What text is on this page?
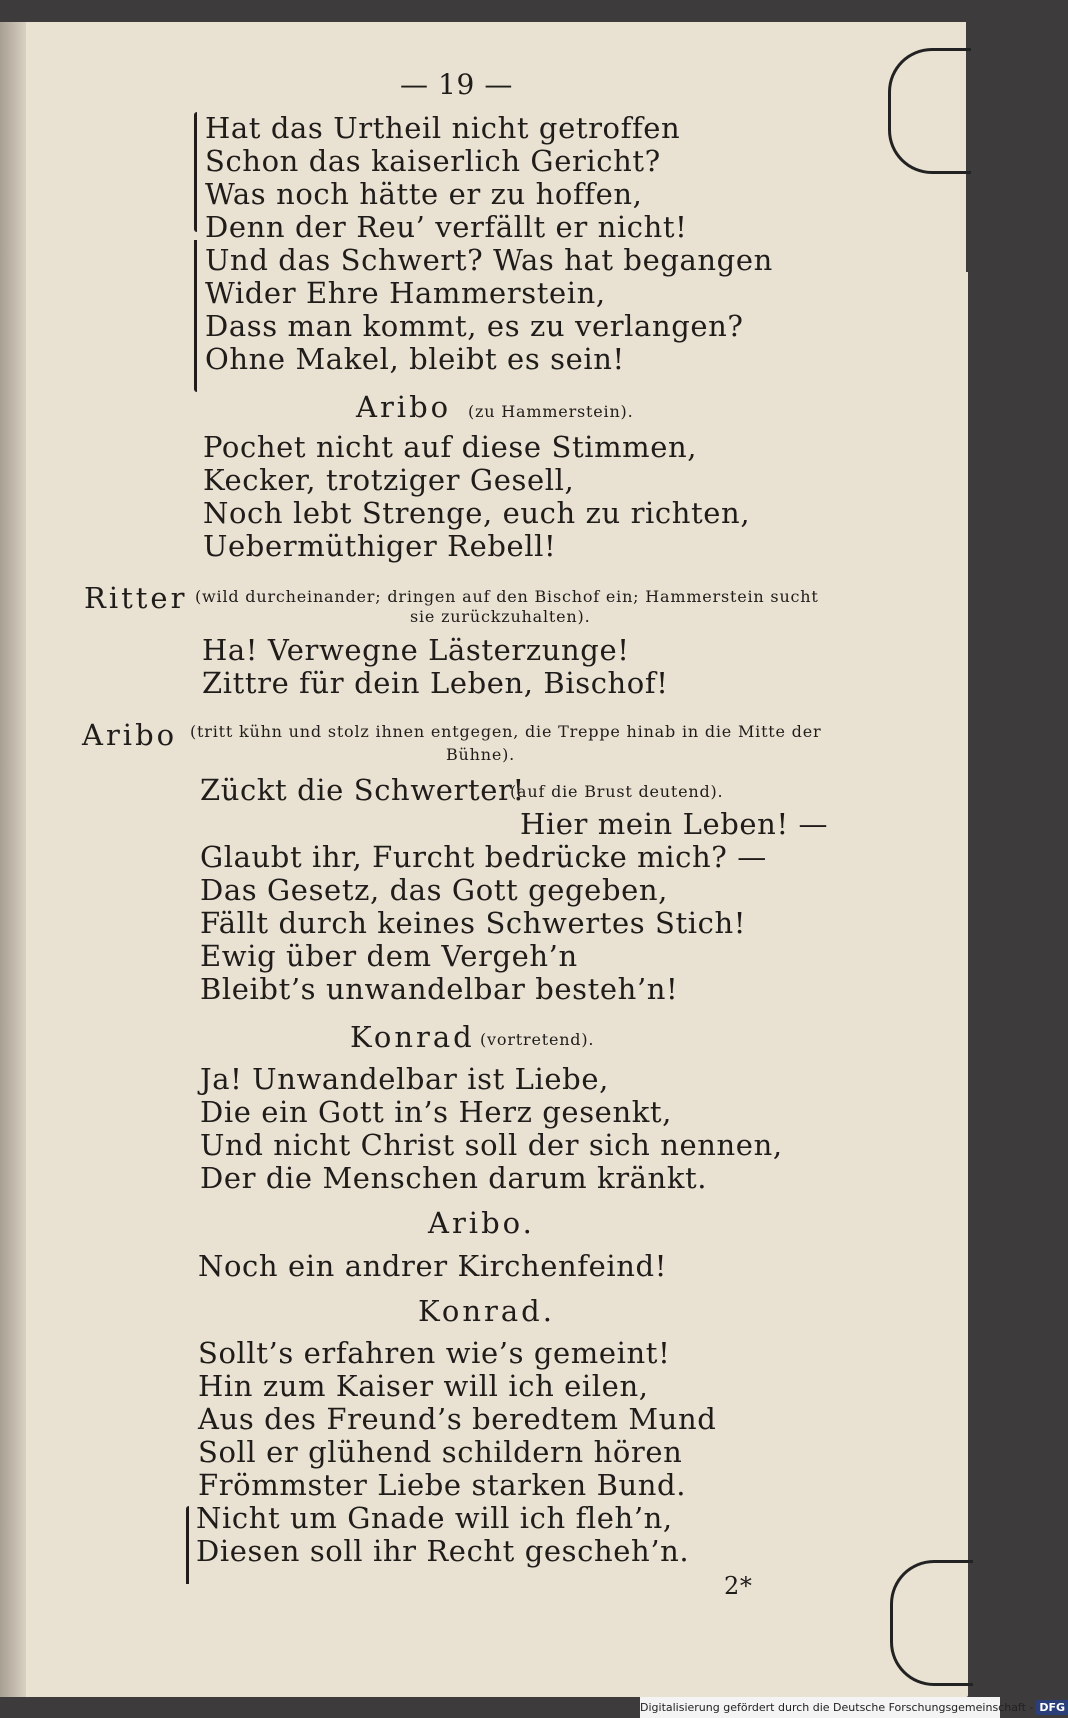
— 19 —
Hat das Urtheil nicht getroffen
Schon das kaiserlich Gericht?
Was noch hätte er zu hoffen,
Denn der Reu’ verfällt er nicht!
Und das Schwert? Was hat begangen
Wider Ehre Hammerstein,
Dass man kommt, es zu verlangen?
Ohne Makel, bleibt es sein!
Aribo (zu Hammerstein).
Pochet nicht auf diese Stimmen,
Kecker, trotziger Gesell,
Noch lebt Strenge, euch zu richten,
Uebermüthiger Rebell!
Ritter (wild durcheinander; dringen auf den Bischof ein; Hammerstein sucht
sie zurückzuhalten).
Ha! Verwegne Lästerzunge!
Zittre für dein Leben, Bischof!
Aribo (tritt kühn und stolz ihnen entgegen, die Treppe hinab in die Mitte der
Bühne).
Zückt die Schwerter!
(auf die Brust deutend).
Hier mein Leben! —
Glaubt ihr, Furcht bedrücke mich? —
Das Gesetz, das Gott gegeben,
Fällt durch keines Schwertes Stich!
Ewig über dem Vergeh’n
Bleibt’s unwandelbar besteh’n!
Konrad (vortretend).
Ja! Unwandelbar ist Liebe,
Die ein Gott in’s Herz gesenkt,
Und nicht Christ soll der sich nennen,
Der die Menschen darum kränkt.
Aribo.
Noch ein andrer Kirchenfeind!
Konrad.
Sollt’s erfahren wie’s gemeint!
Hin zum Kaiser will ich eilen,
Aus des Freund’s beredtem Mund
Soll er glühend schildern hören
Frömmster Liebe starken Bund.
Nicht um Gnade will ich fleh’n,
Diesen soll ihr Recht gescheh’n.
2*
Digitalisierung gefördert durch die Deutsche Forschungsgemeinschaft - DFG
